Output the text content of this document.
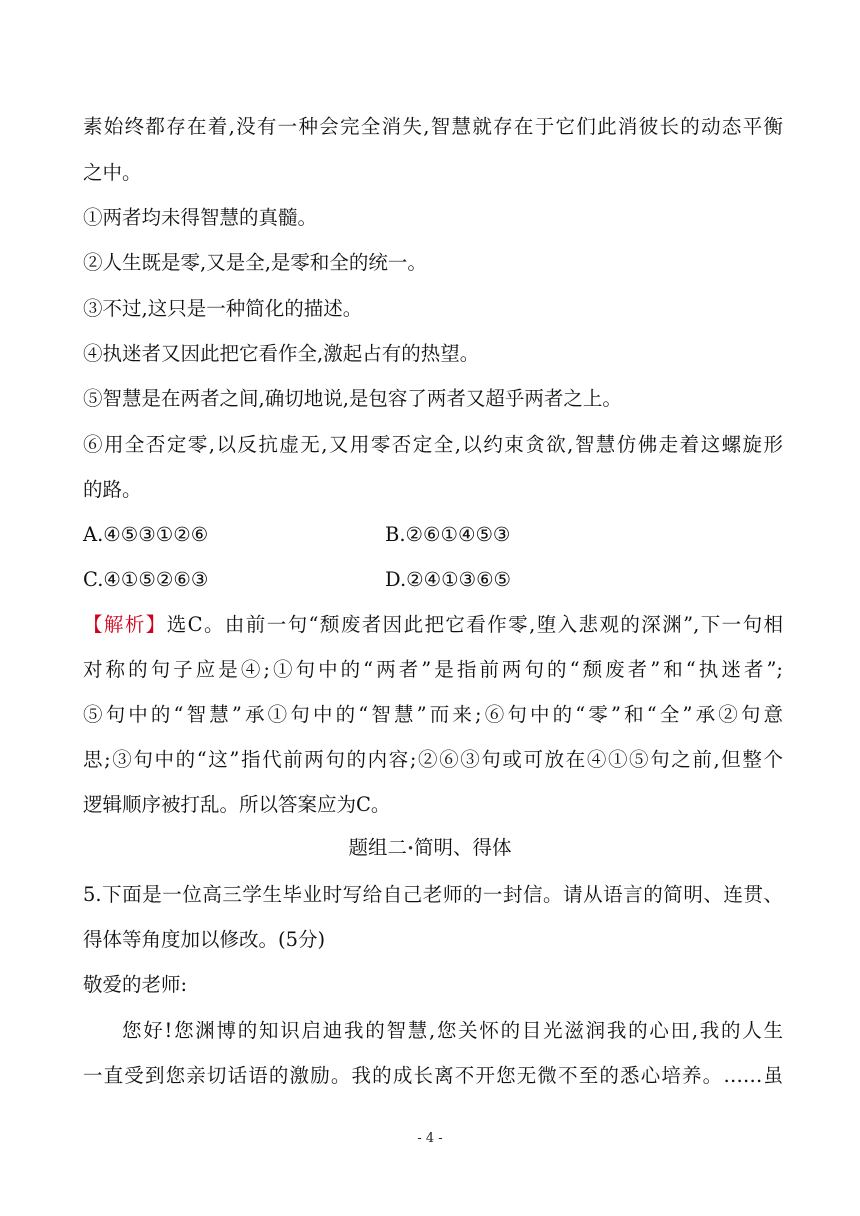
素始终都存在着,没有一种会完全消失,智慧就存在于它们此消彼长的动态平衡
之中。
①两者均未得智慧的真髓。
②人生既是零,又是全,是零和全的统一。
③不过,这只是一种简化的描述。
④执迷者又因此把它看作全,激起占有的热望。
⑤智慧是在两者之间,确切地说,是包容了两者又超乎两者之上。
⑥用全否定零,以反抗虚无,又用零否定全,以约束贪欲,智慧仿佛走着这螺旋形
的路。
A.④⑤③①②⑥	B.②⑥①④⑤③
C.④①⑤②⑥③	D.②④①③⑥⑤
【解析】选C。由前一句“颓废者因此把它看作零,堕入悲观的深渊”,下一句相
对称的句子应是④;①句中的“两者”是指前两句的“颓废者”和“执迷者”;
⑤句中的“智慧”承①句中的“智慧”而来;⑥句中的“零”和“全”承②句意
思;③句中的“这”指代前两句的内容;②⑥③句或可放在④①⑤句之前,但整个
逻辑顺序被打乱。所以答案应为C。
题组二•简明、得体
5.下面是一位高三学生毕业时写给自己老师的一封信。请从语言的简明、连贯、
得体等角度加以修改。(5分)
敬爱的老师:
您好!您渊博的知识启迪我的智慧,您关怀的目光滋润我的心田,我的人生
一直受到您亲切话语的激励。我的成长离不开您无微不至的悉心培养。……虽
- 4 -
